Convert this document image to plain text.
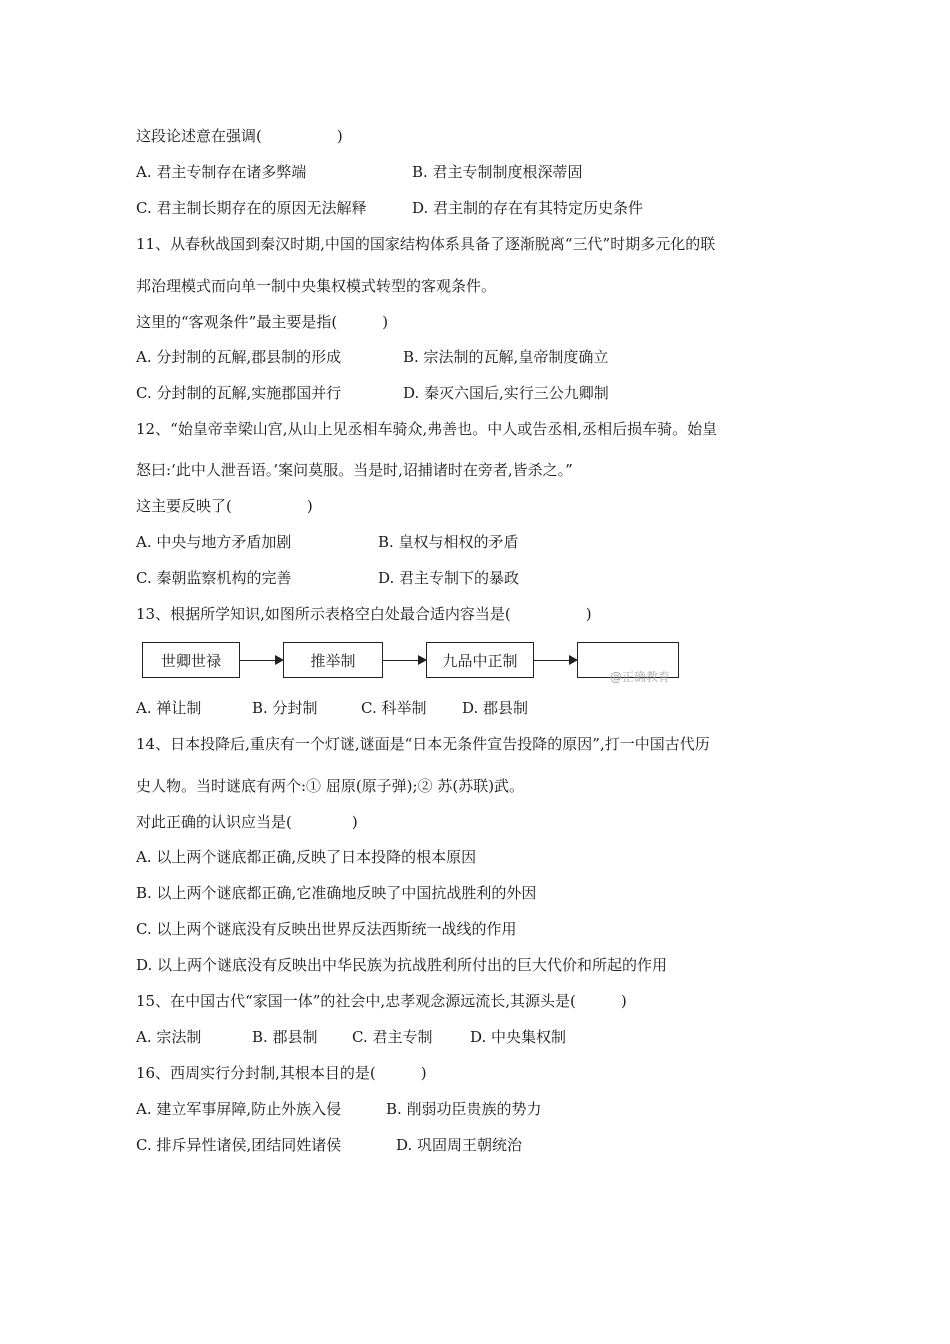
这段论述意在强调(　　　　　)
A. 君主专制存在诸多弊端	B. 君主专制制度根深蒂固
C. 君主制长期存在的原因无法解释	D. 君主制的存在有其特定历史条件
11、从春秋战国到秦汉时期,中国的国家结构体系具备了逐渐脱离“三代”时期多元化的联
邦治理模式而向单一制中央集权模式转型的客观条件。
这里的“客观条件”最主要是指(　　　)
A. 分封制的瓦解,郡县制的形成	B. 宗法制的瓦解,皇帝制度确立
C. 分封制的瓦解,实施郡国并行	D. 秦灭六国后,实行三公九卿制
12、“始皇帝幸梁山宫,从山上见丞相车骑众,弗善也。中人或告丞相,丞相后损车骑。始皇
怒曰:‘此中人泄吾语。’案问莫服。当是时,诏捕诸时在旁者,皆杀之。”
这主要反映了(　　　　　)
A. 中央与地方矛盾加剧	B. 皇权与相权的矛盾
C. 秦朝监察机构的完善	D. 君主专制下的暴政
13、根据所学知识,如图所示表格空白处最合适内容当是(　　　　　)
世卿世禄	推举制	九品中正制
@正确教育
A. 禅让制	B. 分封制	C. 科举制 D. 郡县制
14、日本投降后,重庆有一个灯谜,谜面是“日本无条件宣告投降的原因”,打一中国古代历
史人物。当时谜底有两个:① 屈原(原子弹);② 苏(苏联)武。
对此正确的认识应当是(　　　　)
A. 以上两个谜底都正确,反映了日本投降的根本原因
B. 以上两个谜底都正确,它准确地反映了中国抗战胜利的外因
C. 以上两个谜底没有反映出世界反法西斯统一战线的作用
D. 以上两个谜底没有反映出中华民族为抗战胜利所付出的巨大代价和所起的作用
15、在中国古代“家国一体”的社会中,忠孝观念源远流长,其源头是(　　　)
A. 宗法制	B. 郡县制 C. 君主专制	D. 中央集权制
16、西周实行分封制,其根本目的是(　　　)
A. 建立军事屏障,防止外族入侵	B. 削弱功臣贵族的势力
C. 排斥异性诸侯,团结同姓诸侯	D. 巩固周王朝统治
